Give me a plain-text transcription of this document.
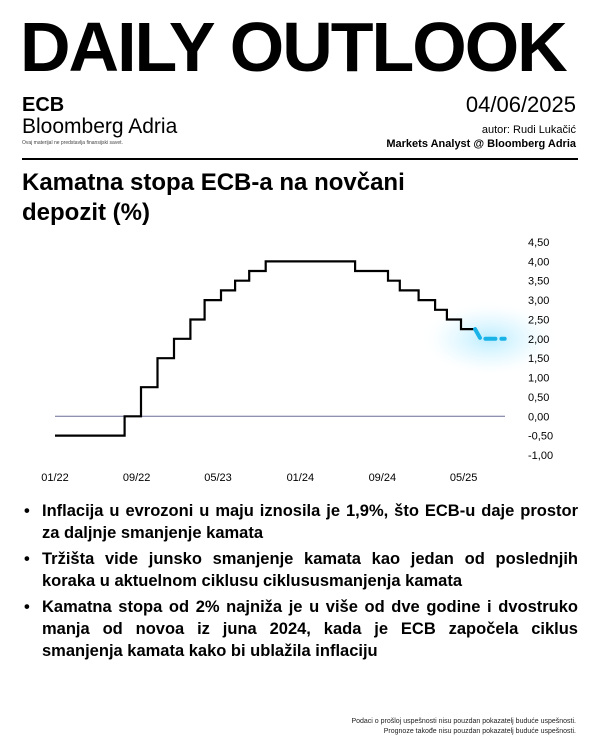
DAILY OUTLOOK
ECB
Bloomberg Adria
Ovaj materijal ne predstavlja finansijski savet.
04/06/2025
autor: Rudi Lukačić
Markets Analyst @ Bloomberg Adria
Kamatna stopa ECB-a na novčani depozit (%)
4,50
4,00
3,50
3,00
2,50
2,00
1,50
1,00
0,50
0,00
-0,50
-1,00
01/22	09/22	05/23	01/24	09/24	05/25
• Inflacija u evrozoni u maju iznosila je 1,9%, što ECB-u daje prostor za daljnje smanjenje kamata
• Tržišta vide junsko smanjenje kamata kao jedan od poslednjih koraka u aktuelnom ciklusu ciklususmanjenja kamata
• Kamatna stopa od 2% najniža je u više od dve godine i dvostruko manja od novoa iz juna 2024, kada je ECB započela ciklus smanjenja kamata kako bi ublažila inflaciju
Podaci o prošloj uspešnosti nisu pouzdan pokazatelj buduće uspešnosti.
Prognoze takođe nisu pouzdan pokazatelj buduće uspešnosti.
